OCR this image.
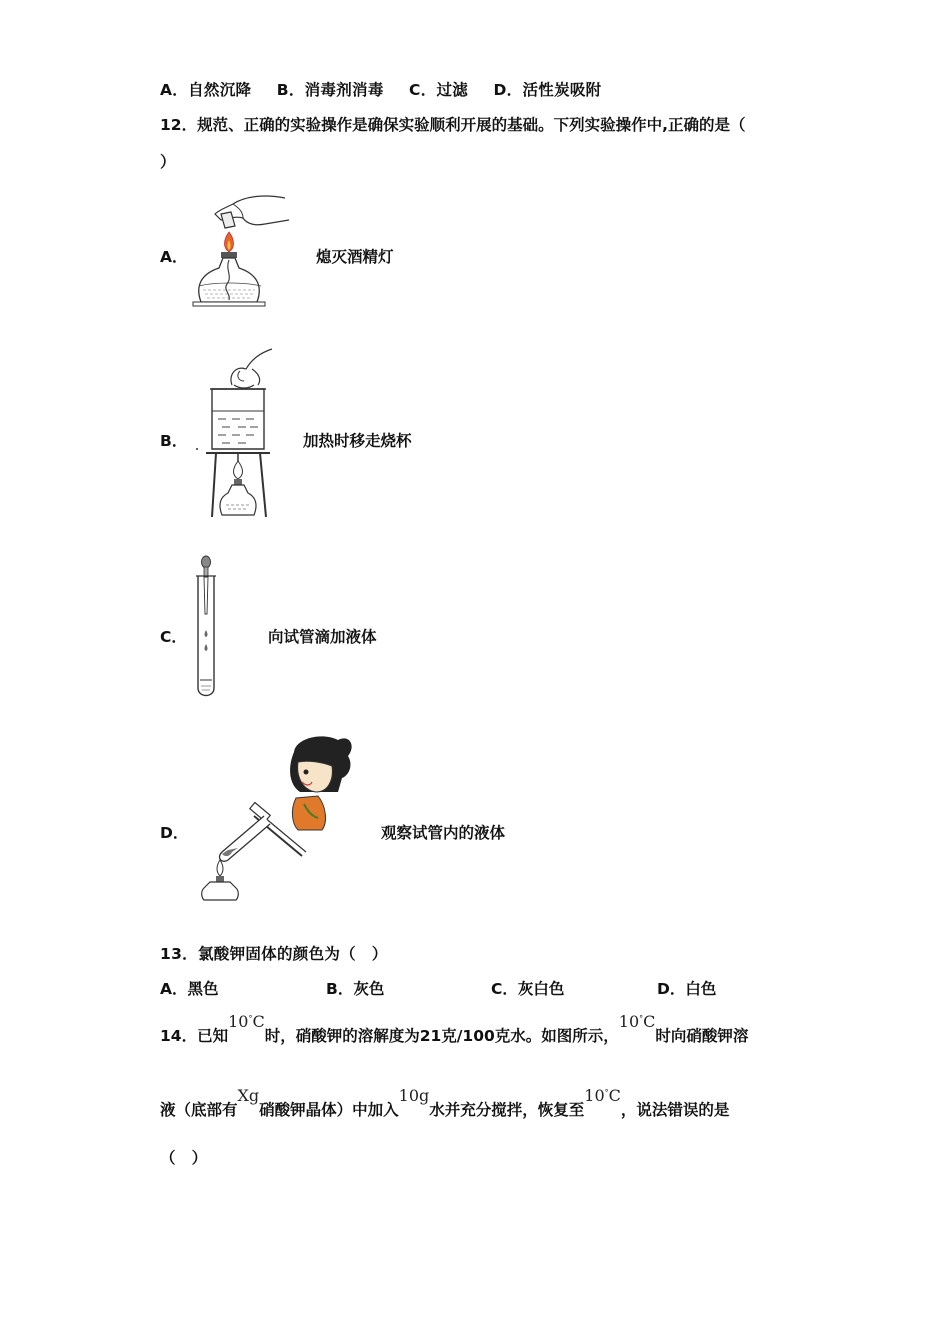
A．自然沉降 B．消毒剂消毒 C．过滤 D．活性炭吸附
12．规范、正确的实验操作是确保实验顺利开展的基础。下列实验操作中,正确的是（
）
A．	熄灭酒精灯
B．	加热时移走烧杯
C．	向试管滴加液体
D．	观察试管内的液体
13．氯酸钾固体的颜色为（　）
A．黑色	B．灰色	C．灰白色	D．白色
14．已知10°C时，硝酸钾的溶解度为21克/100克水。如图所示，10°C时向硝酸钾溶
液（底部有Xg硝酸钾晶体）中加入10g水并充分搅拌，恢复至10°C，说法错误的是
（　）
